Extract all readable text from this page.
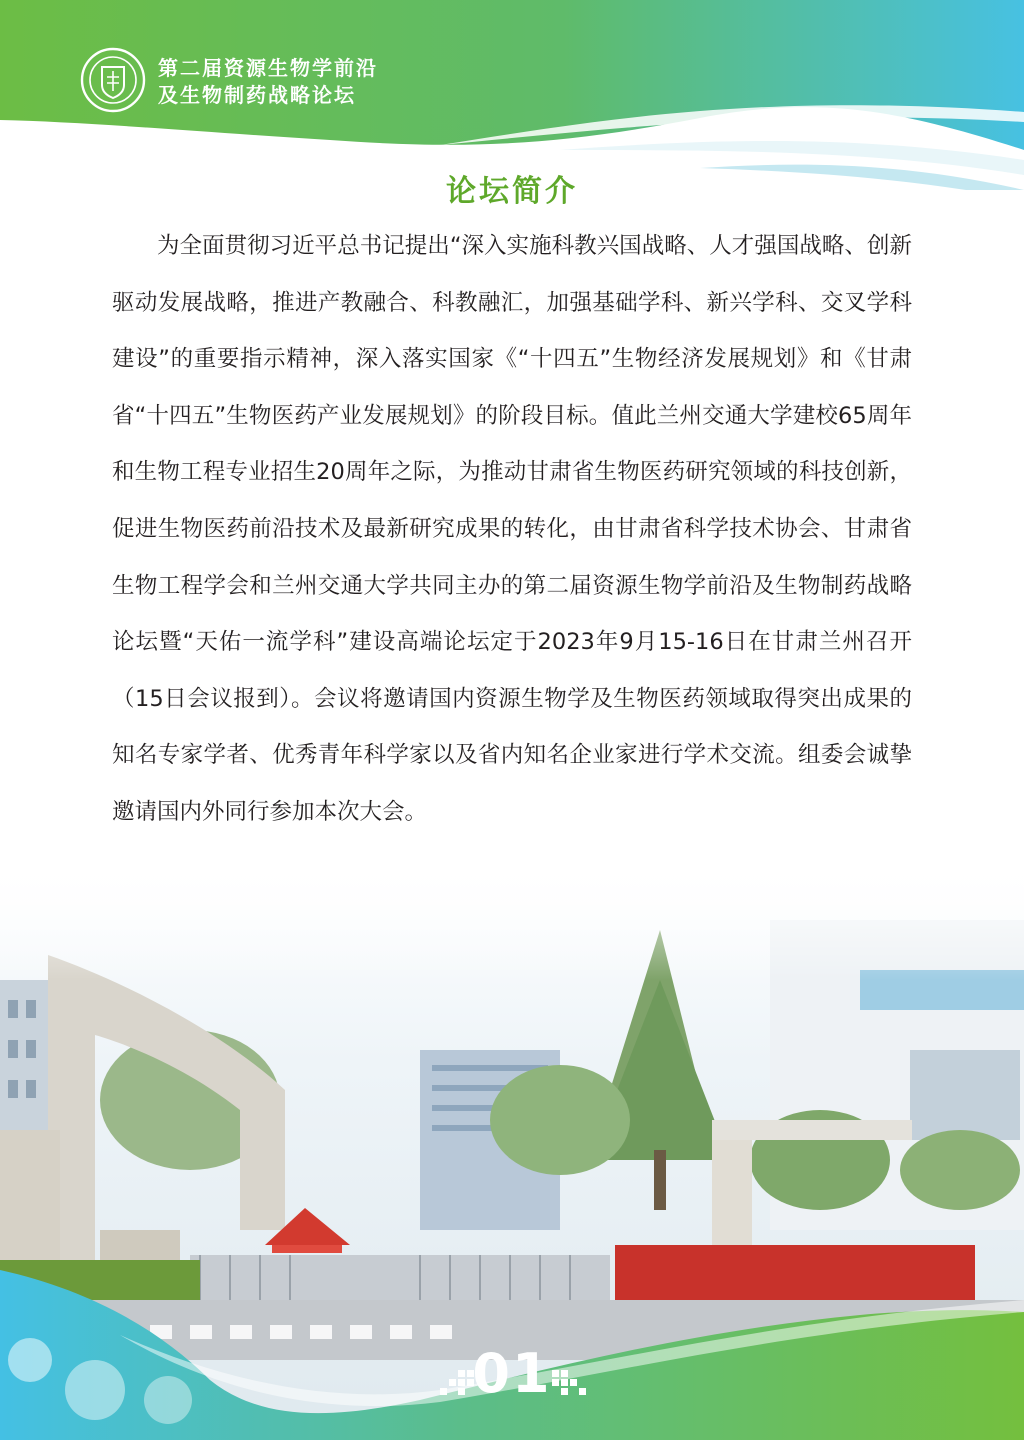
第二届资源生物学前沿
及生物制药战略论坛
论坛简介

为全面贯彻习近平总书记提出“深入实施科教兴国战略、人才强国战略、创新驱动发展战略，推进产教融合、科教融汇，加强基础学科、新兴学科、交叉学科建设”的重要指示精神，深入落实国家《“十四五”生物经济发展规划》和《甘肃省“十四五”生物医药产业发展规划》的阶段目标。值此兰州交通大学建校65周年和生物工程专业招生20周年之际，为推动甘肃省生物医药研究领域的科技创新，促进生物医药前沿技术及最新研究成果的转化，由甘肃省科学技术协会、甘肃省生物工程学会和兰州交通大学共同主办的第二届资源生物学前沿及生物制药战略论坛暨“天佑一流学科”建设高端论坛定于2023年9月15-16日在甘肃兰州召开（15日会议报到）。会议将邀请国内资源生物学及生物医药领域取得突出成果的知名专家学者、优秀青年科学家以及省内知名企业家进行学术交流。组委会诚挚邀请国内外同行参加本次大会。

01
